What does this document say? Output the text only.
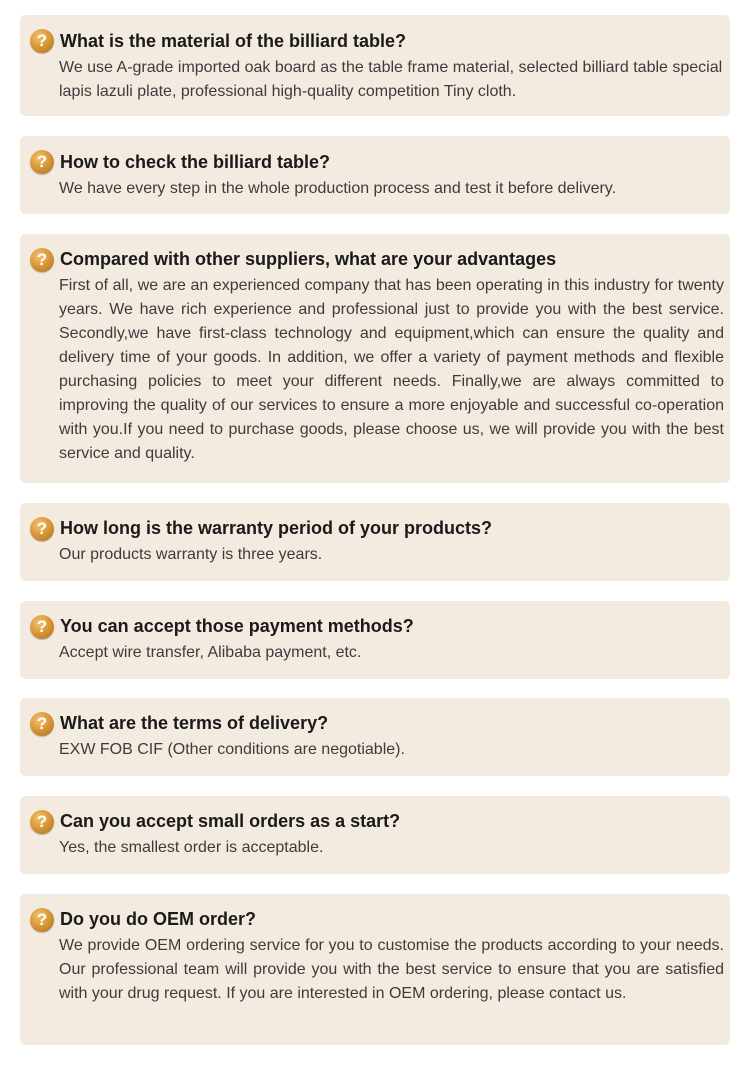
? What is the material of the billiard table?
We use A-grade imported oak board as the table frame material, selected billiard table special lapis lazuli plate, professional high-quality competition Tiny cloth.
? How to check the billiard table?
We have every step in the whole production process and test it before delivery.
? Compared with other suppliers, what are your advantages
First of all, we are an experienced company that has been operating in this industry for twenty years. We have rich experience and professional just to provide you with the best service. Secondly,we have first-class technology and equipment,which can ensure the quality and delivery time of your goods. In addition, we offer a variety of payment methods and flexible purchasing policies to meet your different needs. Finally,we are always committed to improving the quality of our services to ensure a more enjoyable and successful co-operation with you.If you need to purchase goods, please choose us, we will provide you with the best service and quality.
? How long is the warranty period of your products?
Our products warranty is three years.
? You can accept those payment methods?
Accept wire transfer, Alibaba payment, etc.
? What are the terms of delivery?
EXW FOB CIF (Other conditions are negotiable).
? Can you accept small orders as a start?
Yes, the smallest order is acceptable.
? Do you do OEM order?
We provide OEM ordering service for you to customise the products according to your needs. Our professional team will provide you with the best service to ensure that you are satisfied with your drug request. If you are interested in OEM ordering, please contact us.
